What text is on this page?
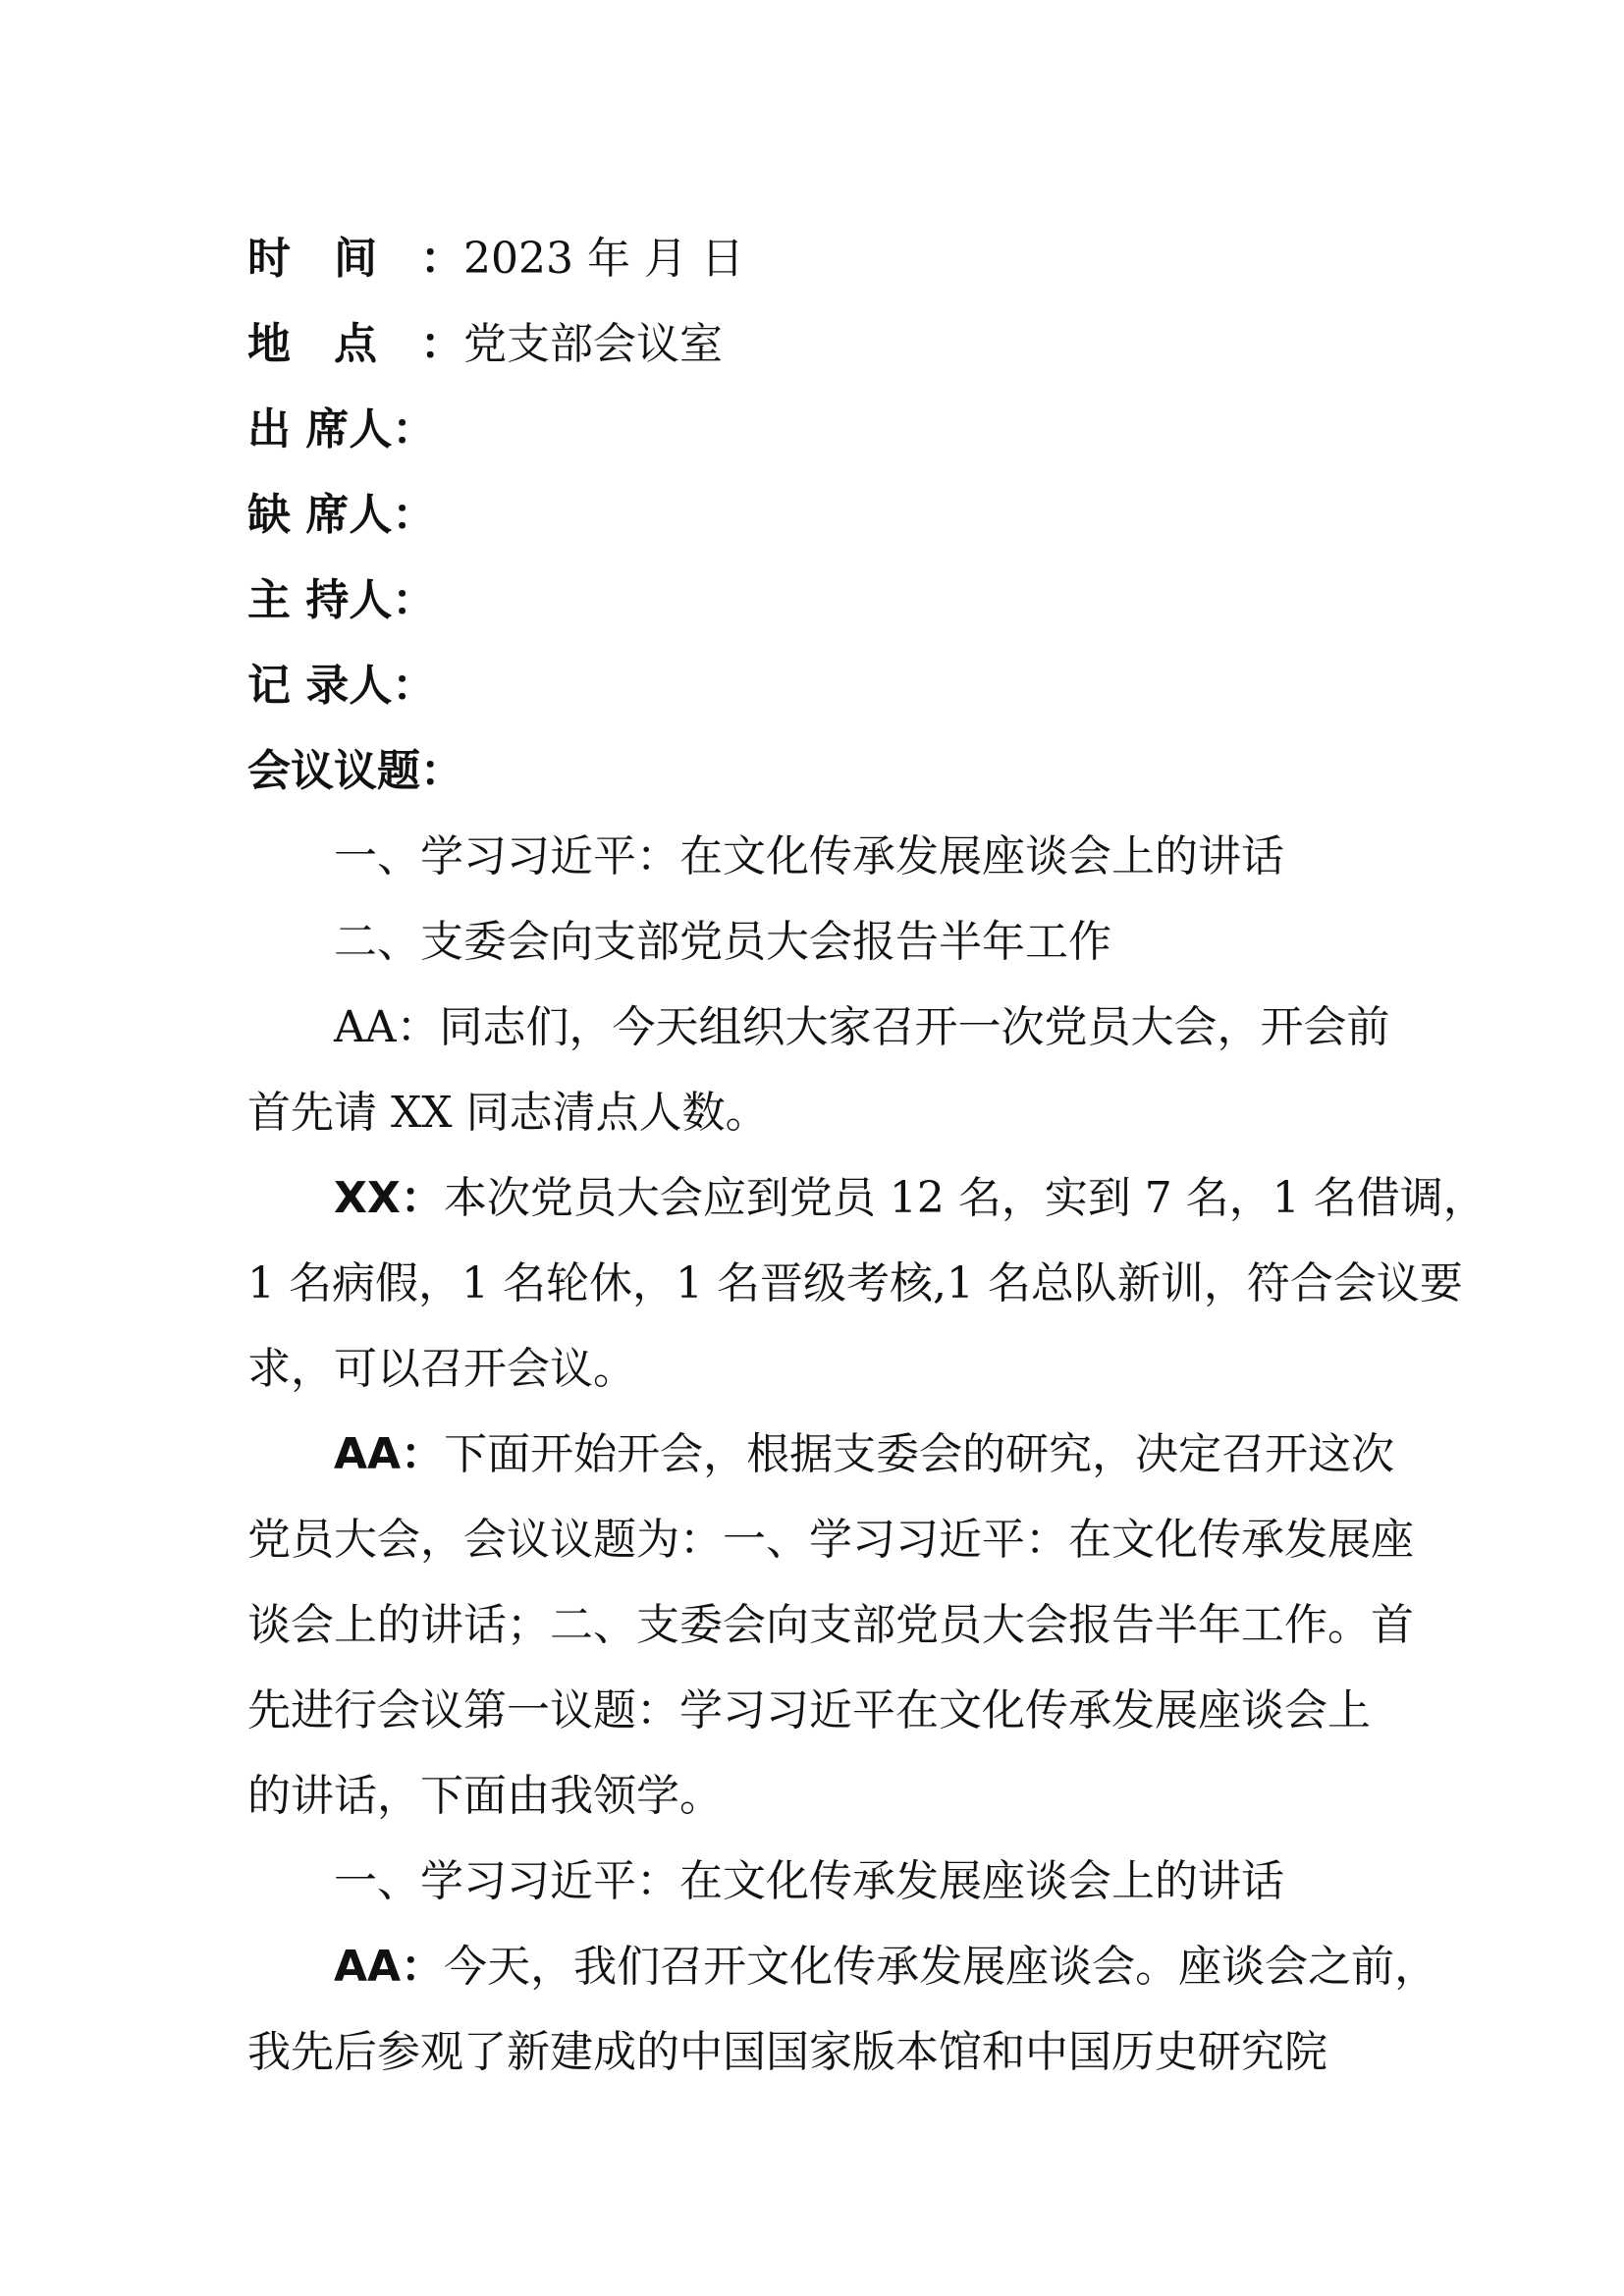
时间：2023 年 月 日
地点：党支部会议室
出 席人：
缺 席人：
主 持人：
记 录人：
会议议题：
一、学习习近平：在文化传承发展座谈会上的讲话
二、支委会向支部党员大会报告半年工作
AA：同志们，今天组织大家召开一次党员大会，开会前
首先请 XX 同志清点人数。
XX：本次党员大会应到党员 12 名，实到 7 名，1 名借调，
1 名病假，1 名轮休，1 名晋级考核,1 名总队新训，符合会议要
求，可以召开会议。
AA：下面开始开会，根据支委会的研究，决定召开这次
党员大会，会议议题为：一、学习习近平：在文化传承发展座
谈会上的讲话；二、支委会向支部党员大会报告半年工作。首
先进行会议第一议题：学习习近平在文化传承发展座谈会上
的讲话，下面由我领学。
一、学习习近平：在文化传承发展座谈会上的讲话
AA：今天，我们召开文化传承发展座谈会。座谈会之前，
我先后参观了新建成的中国国家版本馆和中国历史研究院
